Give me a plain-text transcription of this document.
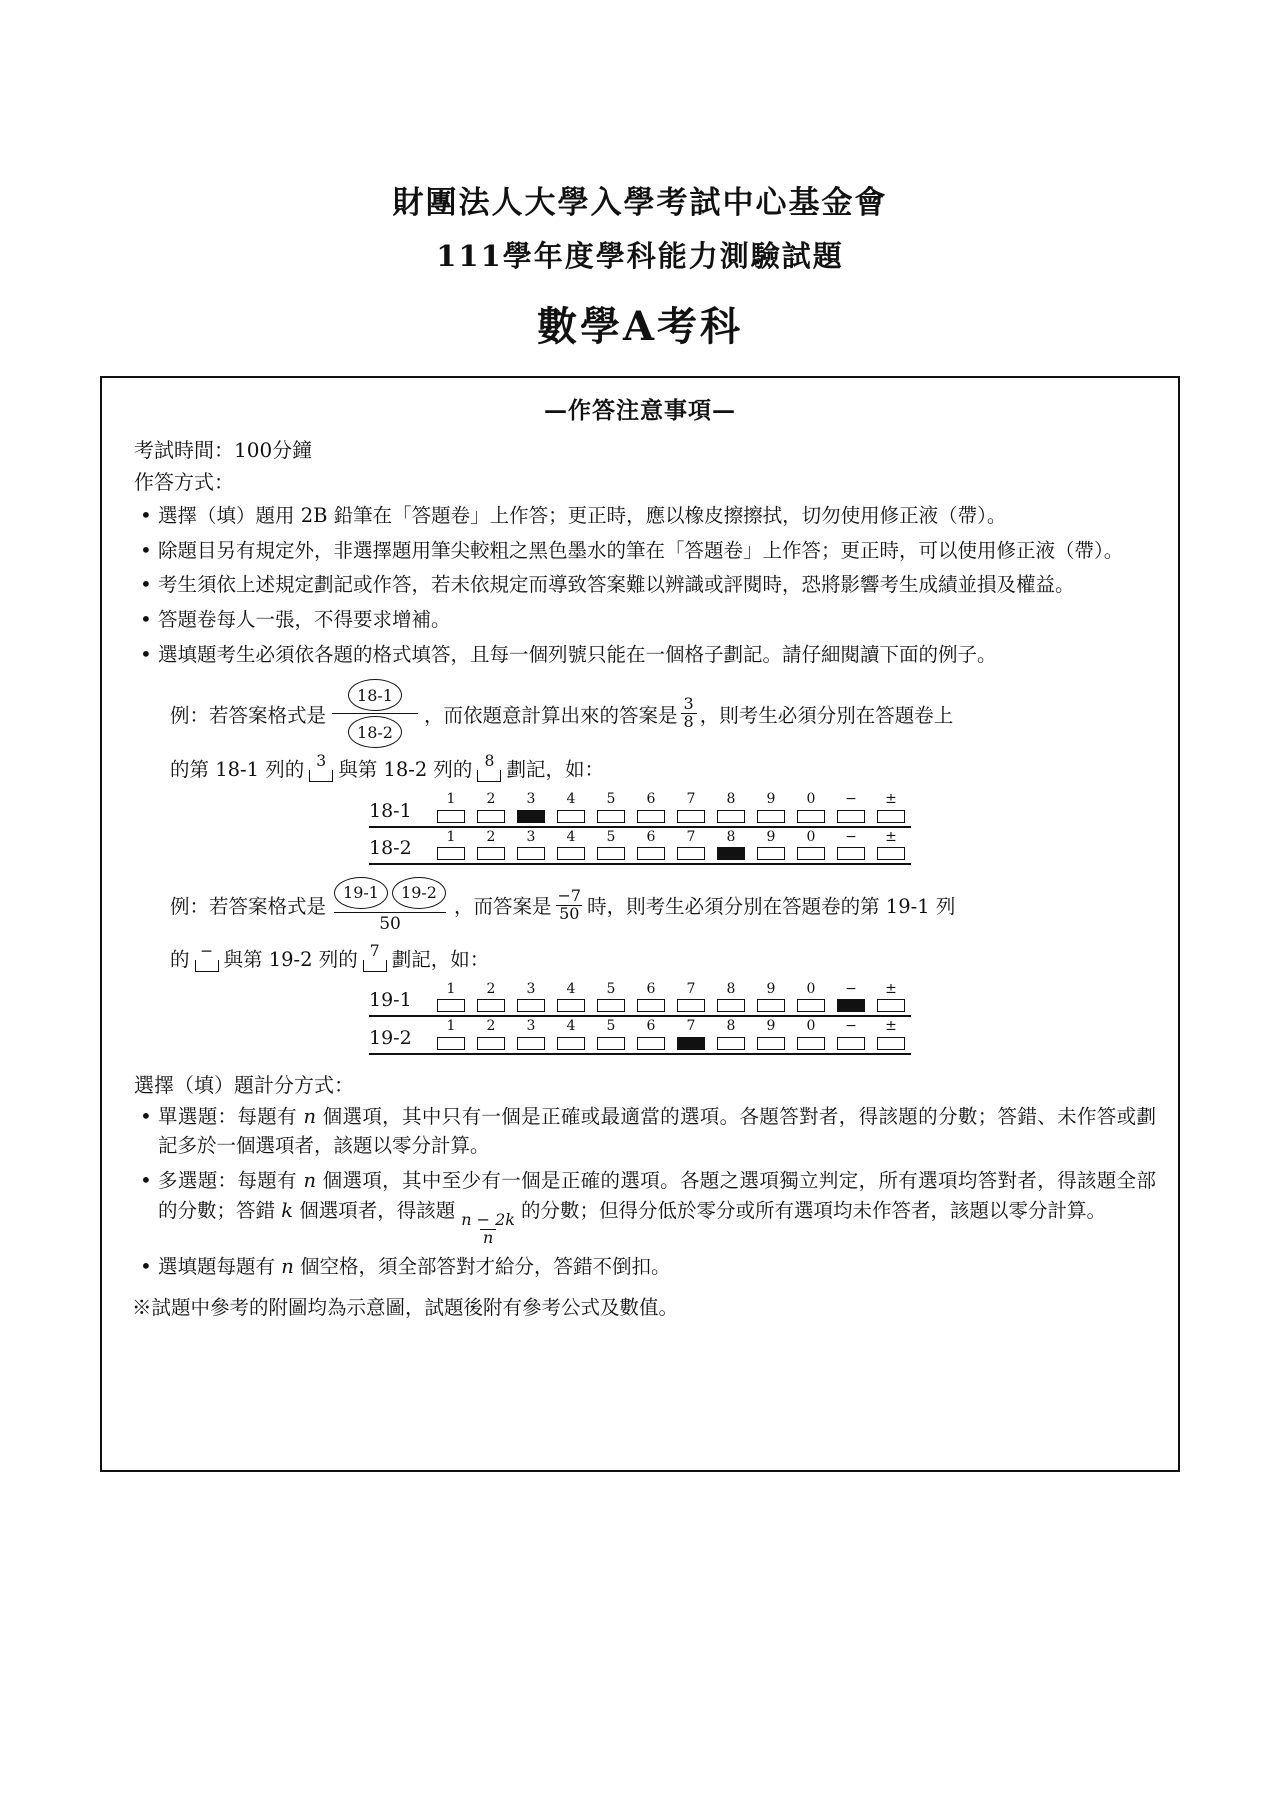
財團法人大學入學考試中心基金會
111學年度學科能力測驗試題
數學A考科
—作答注意事項—
考試時間：100分鐘
作答方式：
• 選擇（填）題用 2B 鉛筆在「答題卷」上作答；更正時，應以橡皮擦擦拭，切勿使用修正液（帶）。
• 除題目另有規定外，非選擇題用筆尖較粗之黑色墨水的筆在「答題卷」上作答；更正時，可以使用修正液（帶）。
• 考生須依上述規定劃記或作答，若未依規定而導致答案難以辨識或評閱時，恐將影響考生成績並損及權益。
• 答題卷每人一張，不得要求增補。
• 選填題考生必須依各題的格式填答，且每一個列號只能在一個格子劃記。請仔細閱讀下面的例子。
例：若答案格式是
18-1
18-2
，而依題意計算出來的答案是 $\frac{3}{8}$ ，則考生必須分別在答題卷上
的第 18-1 列的 3 與第 18-2 列的 8 劃記，如：
18-1
1 2 3 4 5 6 7 8 9 0 − ±
18-2
1 2 3 4 5 6 7 8 9 0 − ±
例：若答案格式是
19-1	19-2
50
，而答案是 $\frac{-7}{50}$ 時，則考生必須分別在答題卷的第 19-1 列
的 − 與第 19-2 列的 7 劃記，如：
19-1
1 2 3 4 5 6 7 8 9 0 − ±
19-2
1 2 3 4 5 6 7 8 9 0 − ±
選擇（填）題計分方式：
• 單選題：每題有 n 個選項，其中只有一個是正確或最適當的選項。各題答對者，得該題的分數；答錯、未作答或劃記多於一個選項者，該題以零分計算。
• 多選題：每題有 n 個選項，其中至少有一個是正確的選項。各題之選項獨立判定，所有選項均答對者，得該題全部的分數；答錯 k 個選項者，得該題
$\frac{n - 2k}{n}$
的分數；但得分低於零分或所有選項均未作答者，該題以零分計算。
• 選填題每題有 n 個空格，須全部答對才給分，答錯不倒扣。
※試題中參考的附圖均為示意圖，試題後附有參考公式及數值。
